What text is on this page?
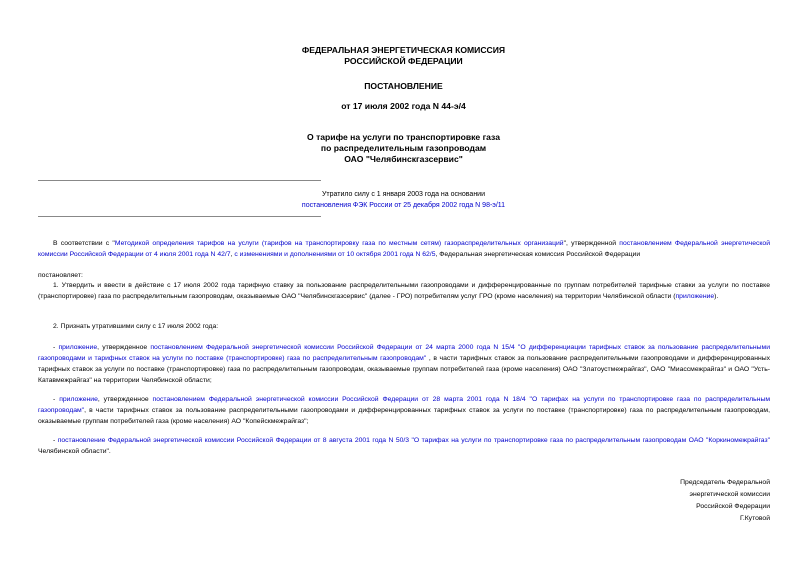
ФЕДЕРАЛЬНАЯ ЭНЕРГЕТИЧЕСКАЯ КОМИССИЯ
РОССИЙСКОЙ ФЕДЕРАЦИИ
ПОСТАНОВЛЕНИЕ
от 17 июля 2002 года N 44-э/4
О тарифе на услуги по транспортировке газа
по распределительным газопроводам
ОАО "Челябинскгазсервис"
Утратило силу с 1 января 2003 года на основании
постановления ФЭК России от 25 декабря 2002 года N 98-э/11
В соответствии с "Методикой определения тарифов на услуги (тарифов на транспортировку газа по местным сетям) газораспределительных организаций", утвержденной постановлением Федеральной энергетической комиссии Российской Федерации от 4 июля 2001 года N 42/7, с изменениями и дополнениями от 10 октября 2001 года N 62/5, Федеральная энергетическая комиссия Российской Федерации
постановляет:
1. Утвердить и ввести в действие с 17 июля 2002 года тарифную ставку за пользование распределительными газопроводами и дифференцированные по группам потребителей тарифные ставки за услуги по поставке (транспортировке) газа по распределительным газопроводам, оказываемые ОАО "Челябинскгазсервис" (далее - ГРО) потребителям услуг ГРО (кроме населения) на территории Челябинской области (приложение).
2. Признать утратившими силу с 17 июля 2002 года:
- приложение, утвержденное постановлением Федеральной энергетической комиссии Российской Федерации от 24 марта 2000 года N 15/4 "О дифференциации тарифных ставок за пользование распределительными газопроводами и тарифных ставок на услуги по поставке (транспортировке) газа по распределительным газопроводам" , в части тарифных ставок за пользование распределительными газопроводами и дифференцированных тарифных ставок за услуги по поставке (транспортировке) газа по распределительным газопроводам, оказываемые группам потребителей газа (кроме населения) ОАО "Златоустмежрайгаз", ОАО "Миассмежрайгаз" и ОАО "Усть-Катавмежрайгаз" на территории Челябинской области;
- приложение, утвержденное постановлением Федеральной энергетической комиссии Российской Федерации от 28 марта 2001 года N 18/4 "О тарифах на услуги по транспортировке газа по распределительным газопроводам", в части тарифных ставок за пользование распределительными газопроводами и дифференцированных тарифных ставок за услуги по поставке (транспортировке) газа по распределительным газопроводам, оказываемые группам потребителей газа (кроме населения) АО "Копейскмежрайгаз";
- постановление Федеральной энергетической комиссии Российской Федерации от 8 августа 2001 года N 50/3 "О тарифах на услуги по транспортировке газа по распределительным газопроводам ОАО "Коркиномежрайгаз" Челябинской области".
Председатель Федеральной
энергетической комиссии
Российской Федерации
Г.Кутовой
